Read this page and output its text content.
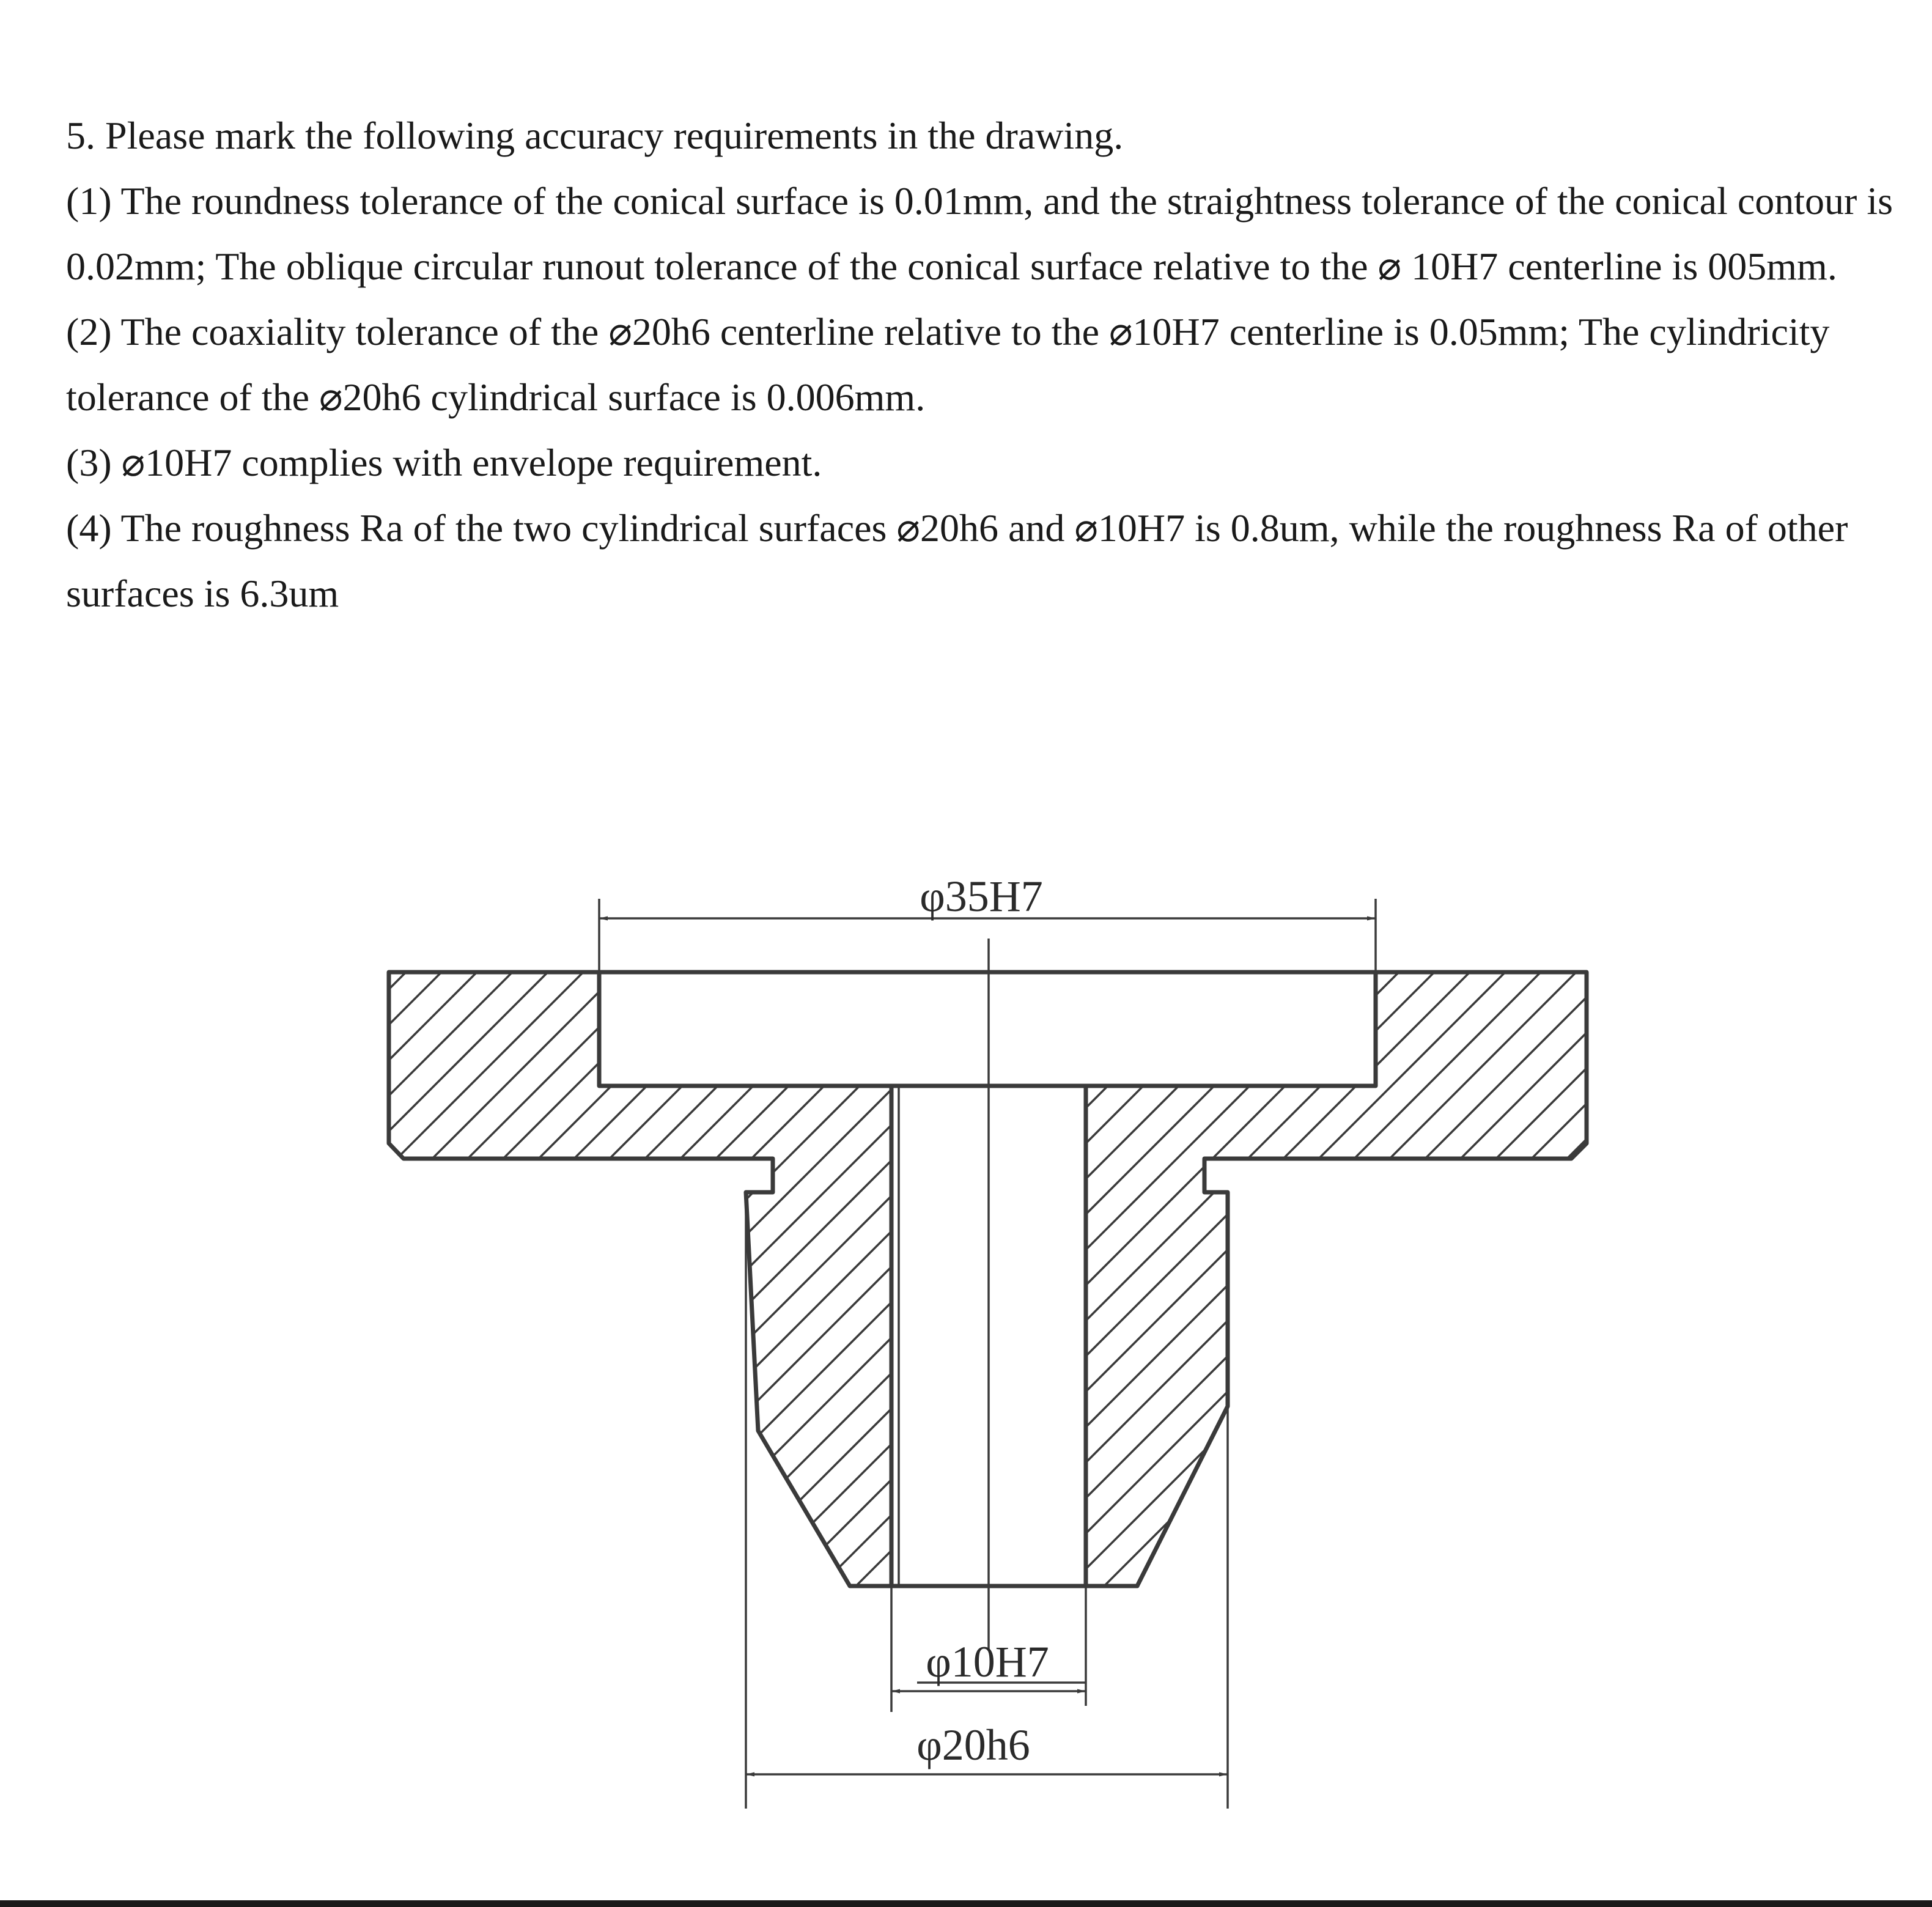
5. Please mark the following accuracy requirements in the drawing.

(1) The roundness tolerance of the conical surface is 0.01mm, and the straightness tolerance of the conical contour is 0.02mm; The oblique circular runout tolerance of the conical surface relative to the ⌀ 10H7 centerline is 005mm.

(2) The coaxiality tolerance of the ⌀20h6 centerline relative to the ⌀10H7 centerline is 0.05mm; The cylindricity tolerance of the ⌀20h6 cylindrical surface is 0.006mm.

(3) ⌀10H7 complies with envelope requirement.

(4) The roughness Ra of the two cylindrical surfaces ⌀20h6 and ⌀10H7 is 0.8um, while the roughness Ra of other surfaces is 6.3um

φ35H7
φ10H7
φ20h6
